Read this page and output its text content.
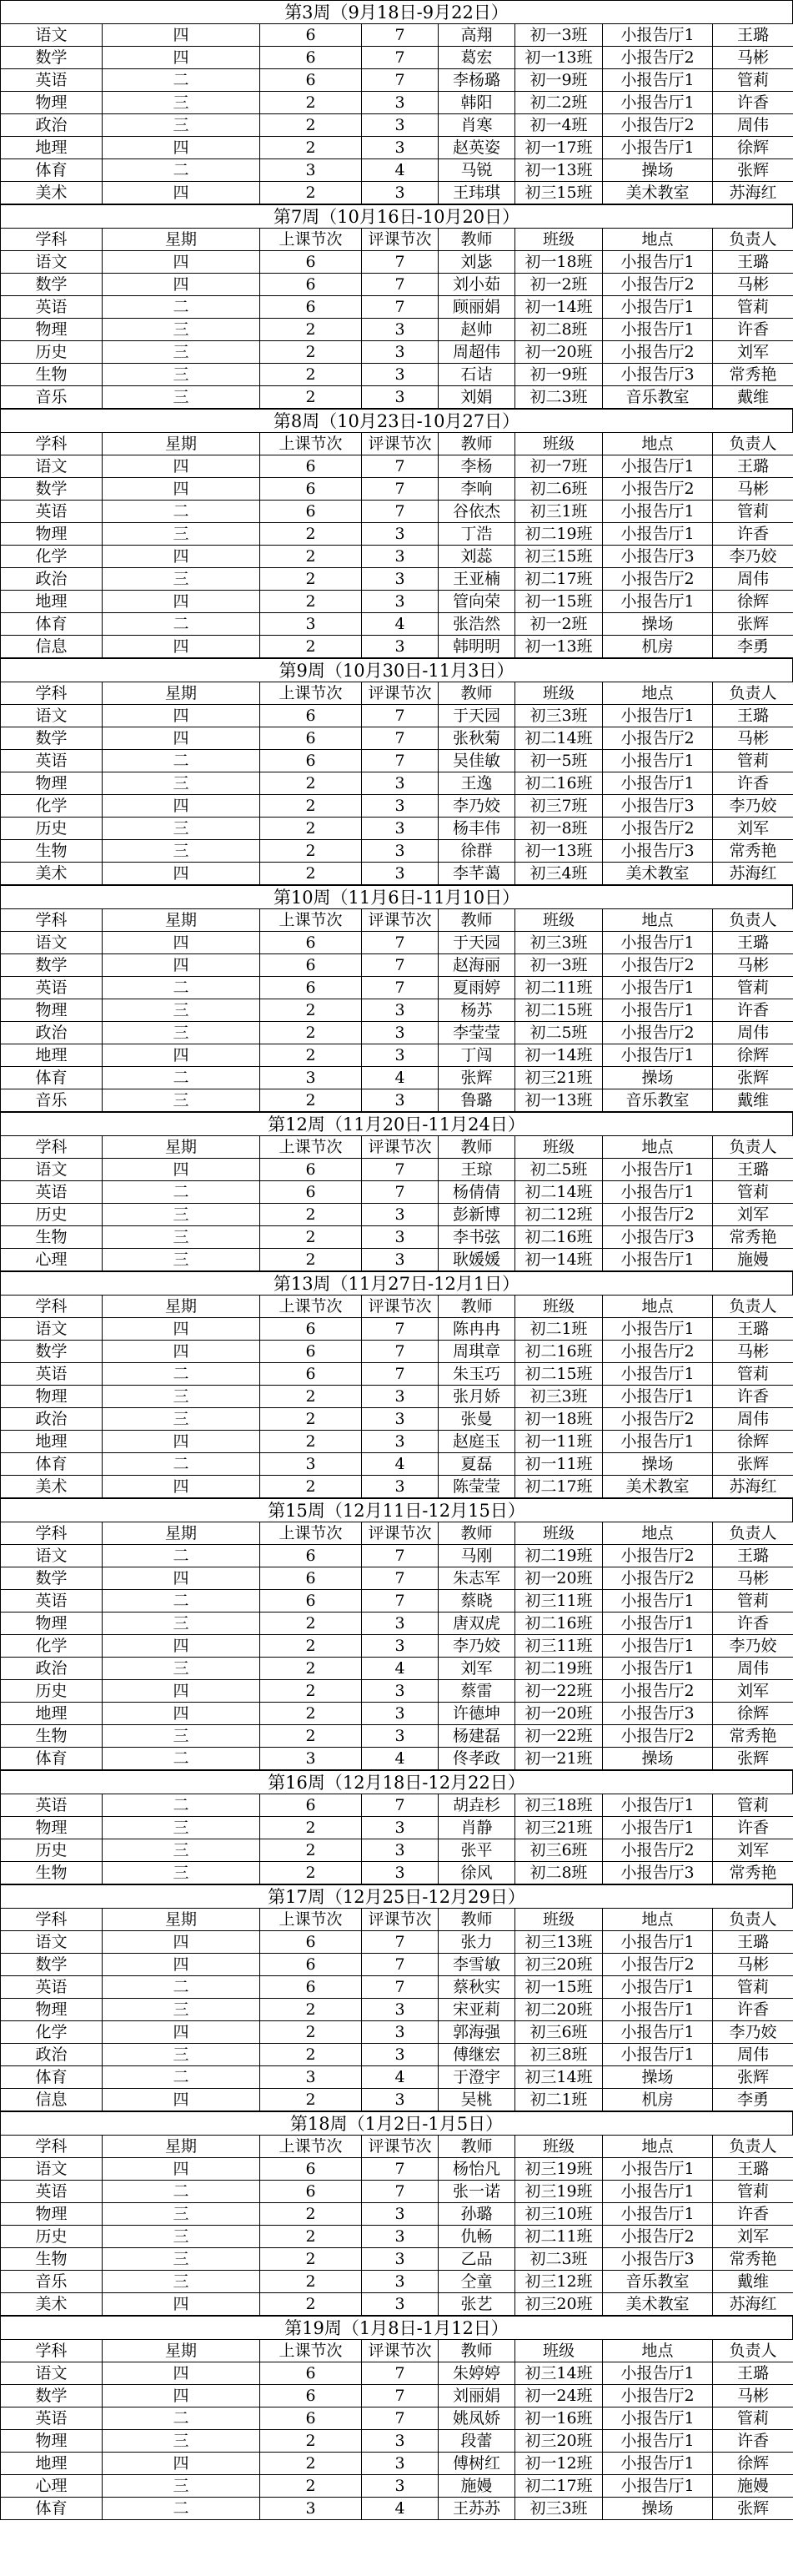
第3周（9月18日-9月22日）
语文	四	6	7	高翔	初一3班	小报告厅1	王璐
数学	四	6	7	葛宏	初一13班	小报告厅2	马彬
英语	二	6	7	李杨璐	初一9班	小报告厅1	管莉
物理	三	2	3	韩阳	初二2班	小报告厅1	许香
政治	三	2	3	肖寒	初一4班	小报告厅2	周伟
地理	四	2	3	赵英姿	初一17班	小报告厅1	徐辉
体育	二	3	4	马锐	初一13班	操场	张辉
美术	四	2	3	王玮琪	初三15班	美术教室	苏海红
第7周（10月16日-10月20日）
学科	星期	上课节次	评课节次	教师	班级	地点	负责人
语文	四	6	7	刘毖	初一18班	小报告厅1	王璐
数学	四	6	7	刘小茹	初一2班	小报告厅2	马彬
英语	二	6	7	顾丽娟	初一14班	小报告厅1	管莉
物理	三	2	3	赵帅	初二8班	小报告厅1	许香
历史	三	2	3	周超伟	初一20班	小报告厅2	刘军
生物	三	2	3	石诘	初一9班	小报告厅3	常秀艳
音乐	三	2	3	刘娟	初二3班	音乐教室	戴维
第8周（10月23日-10月27日）
学科	星期	上课节次	评课节次	教师	班级	地点	负责人
语文	四	6	7	李杨	初一7班	小报告厅1	王璐
数学	四	6	7	李响	初二6班	小报告厅2	马彬
英语	二	6	7	谷依杰	初三1班	小报告厅1	管莉
物理	三	2	3	丁浩	初二19班	小报告厅1	许香
化学	四	2	3	刘蕊	初三15班	小报告厅3	李乃姣
政治	三	2	3	王亚楠	初二17班	小报告厅2	周伟
地理	四	2	3	管向荣	初一15班	小报告厅1	徐辉
体育	二	3	4	张浩然	初一2班	操场	张辉
信息	四	2	3	韩明明	初一13班	机房	李勇
第9周（10月30日-11月3日）
学科	星期	上课节次	评课节次	教师	班级	地点	负责人
语文	四	6	7	于天园	初三3班	小报告厅1	王璐
数学	四	6	7	张秋菊	初二14班	小报告厅2	马彬
英语	二	6	7	吴佳敏	初一5班	小报告厅1	管莉
物理	三	2	3	王逸	初二16班	小报告厅1	许香
化学	四	2	3	李乃姣	初三7班	小报告厅3	李乃姣
历史	三	2	3	杨丰伟	初一8班	小报告厅2	刘军
生物	三	2	3	徐群	初一13班	小报告厅3	常秀艳
美术	四	2	3	李芊蔼	初三4班	美术教室	苏海红
第10周（11月6日-11月10日）
学科	星期	上课节次	评课节次	教师	班级	地点	负责人
语文	四	6	7	于天园	初三3班	小报告厅1	王璐
数学	四	6	7	赵海丽	初一3班	小报告厅2	马彬
英语	二	6	7	夏雨婷	初二11班	小报告厅1	管莉
物理	三	2	3	杨苏	初二15班	小报告厅1	许香
政治	三	2	3	李莹莹	初二5班	小报告厅2	周伟
地理	四	2	3	丁闯	初一14班	小报告厅1	徐辉
体育	二	3	4	张辉	初三21班	操场	张辉
音乐	三	2	3	鲁璐	初一13班	音乐教室	戴维
第12周（11月20日-11月24日）
学科	星期	上课节次	评课节次	教师	班级	地点	负责人
语文	四	6	7	王琼	初二5班	小报告厅1	王璐
英语	二	6	7	杨倩倩	初二14班	小报告厅1	管莉
历史	三	2	3	彭新博	初二12班	小报告厅2	刘军
生物	三	2	3	李书弦	初二16班	小报告厅3	常秀艳
心理	三	2	3	耿媛媛	初一14班	小报告厅1	施嫚
第13周（11月27日-12月1日）
学科	星期	上课节次	评课节次	教师	班级	地点	负责人
语文	四	6	7	陈冉冉	初二1班	小报告厅1	王璐
数学	四	6	7	周琪章	初二16班	小报告厅2	马彬
英语	二	6	7	朱玉巧	初二15班	小报告厅1	管莉
物理	三	2	3	张月娇	初三3班	小报告厅1	许香
政治	三	2	3	张曼	初一18班	小报告厅2	周伟
地理	四	2	3	赵庭玉	初一11班	小报告厅1	徐辉
体育	二	3	4	夏磊	初一11班	操场	张辉
美术	四	2	3	陈莹莹	初二17班	美术教室	苏海红
第15周（12月11日-12月15日）
学科	星期	上课节次	评课节次	教师	班级	地点	负责人
语文	二	6	7	马刚	初二19班	小报告厅2	王璐
数学	四	6	7	朱志军	初一20班	小报告厅2	马彬
英语	二	6	7	蔡晓	初三11班	小报告厅1	管莉
物理	三	2	3	唐双虎	初二16班	小报告厅1	许香
化学	四	2	3	李乃姣	初三11班	小报告厅1	李乃姣
政治	三	2	4	刘军	初二19班	小报告厅1	周伟
历史	四	2	3	蔡雷	初一22班	小报告厅2	刘军
地理	四	2	3	许德坤	初一20班	小报告厅3	徐辉
生物	三	2	3	杨建磊	初一22班	小报告厅2	常秀艳
体育	二	3	4	佟孝政	初一21班	操场	张辉
第16周（12月18日-12月22日）
英语	二	6	7	胡垚杉	初三18班	小报告厅1	管莉
物理	三	2	3	肖静	初三21班	小报告厅1	许香
历史	三	2	3	张平	初三6班	小报告厅2	刘军
生物	三	2	3	徐风	初二8班	小报告厅3	常秀艳
第17周（12月25日-12月29日）
学科	星期	上课节次	评课节次	教师	班级	地点	负责人
语文	四	6	7	张力	初三13班	小报告厅1	王璐
数学	四	6	7	李雪敏	初三20班	小报告厅2	马彬
英语	二	6	7	蔡秋实	初一15班	小报告厅1	管莉
物理	三	2	3	宋亚莉	初二20班	小报告厅1	许香
化学	四	2	3	郭海强	初三6班	小报告厅1	李乃姣
政治	三	2	3	傅继宏	初三8班	小报告厅1	周伟
体育	二	3	4	于澄宇	初三14班	操场	张辉
信息	四	2	3	吴桃	初二1班	机房	李勇
第18周（1月2日-1月5日）
学科	星期	上课节次	评课节次	教师	班级	地点	负责人
语文	四	6	7	杨怡凡	初三19班	小报告厅1	王璐
英语	二	6	7	张一诺	初三19班	小报告厅1	管莉
物理	三	2	3	孙璐	初三10班	小报告厅1	许香
历史	三	2	3	仇畅	初二11班	小报告厅2	刘军
生物	三	2	3	乙品	初二3班	小报告厅3	常秀艳
音乐	三	2	3	仝童	初三12班	音乐教室	戴维
美术	四	2	3	张艺	初三20班	美术教室	苏海红
第19周（1月8日-1月12日）
学科	星期	上课节次	评课节次	教师	班级	地点	负责人
语文	四	6	7	朱婷婷	初三14班	小报告厅1	王璐
数学	四	6	7	刘丽娟	初一24班	小报告厅2	马彬
英语	二	6	7	姚凤娇	初一16班	小报告厅1	管莉
物理	三	2	3	段蕾	初三20班	小报告厅1	许香
地理	四	2	3	傅树红	初一12班	小报告厅1	徐辉
心理	三	2	3	施嫚	初二17班	小报告厅1	施嫚
体育	二	3	4	王苏苏	初三3班	操场	张辉
